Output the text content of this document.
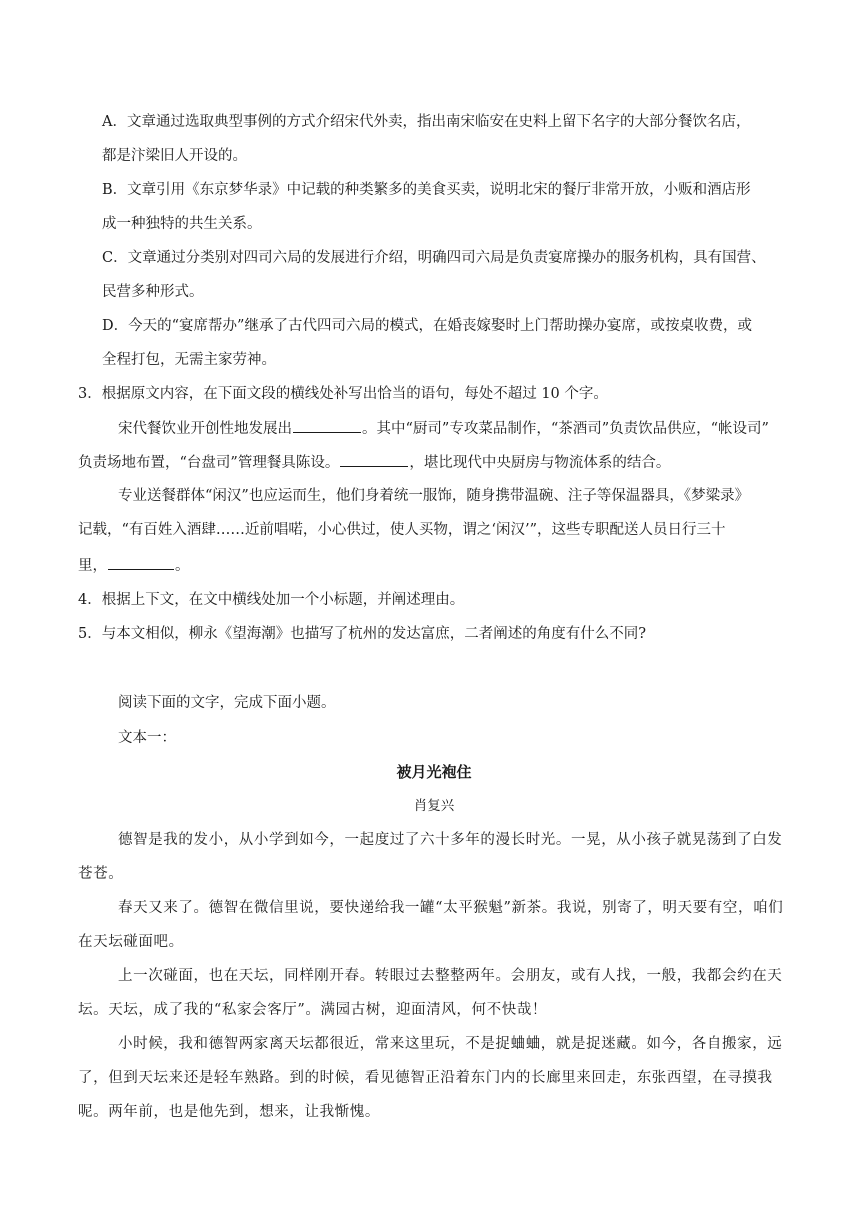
A．文章通过选取典型事例的方式介绍宋代外卖，指出南宋临安在史料上留下名字的大部分餐饮名店，
都是汴梁旧人开设的。
B．文章引用《东京梦华录》中记载的种类繁多的美食买卖，说明北宋的餐厅非常开放，小贩和酒店形
成一种独特的共生关系。
C．文章通过分类别对四司六局的发展进行介绍，明确四司六局是负责宴席操办的服务机构，具有国营、
民营多种形式。
D．今天的“宴席帮办”继承了古代四司六局的模式，在婚丧嫁娶时上门帮助操办宴席，或按桌收费，或
全程打包，无需主家劳神。
3．根据原文内容，在下面文段的横线处补写出恰当的语句，每处不超过 10 个字。
宋代餐饮业开创性地发展出	。其中“厨司”专攻菜品制作，“茶酒司”负责饮品供应，“帐设司”
负责场地布置，“台盘司”管理餐具陈设。	，堪比现代中央厨房与物流体系的结合。
专业送餐群体“闲汉”也应运而生，他们身着统一服饰，随身携带温碗、注子等保温器具，《梦粱录》
记载，“有百姓入酒肆……近前唱喏，小心供过，使人买物，谓之‘闲汉’”，这些专职配送人员日行三十
里，	。
4．根据上下文，在文中横线处加一个小标题，并阐述理由。
5．与本文相似，柳永《望海潮》也描写了杭州的发达富庶，二者阐述的角度有什么不同?
阅读下面的文字，完成下面小题。
文本一：
被月光袍住
肖复兴
德智是我的发小，从小学到如今，一起度过了六十多年的漫长时光。一晃，从小孩子就晃荡到了白发
苍苍。
春天又来了。德智在微信里说，要快递给我一罐“太平猴魁”新茶。我说，别寄了，明天要有空，咱们
在天坛碰面吧。
上一次碰面，也在天坛，同样刚开春。转眼过去整整两年。会朋友，或有人找，一般，我都会约在天
坛。天坛，成了我的“私家会客厅”。满园古树，迎面清风，何不快哉！
小时候，我和德智两家离天坛都很近，常来这里玩，不是捉蛐蛐，就是捉迷藏。如今，各自搬家，远
了，但到天坛来还是轻车熟路。到的时候，看见德智正沿着东门内的长廊里来回走，东张西望，在寻摸我
呢。两年前，也是他先到，想来，让我惭愧。
